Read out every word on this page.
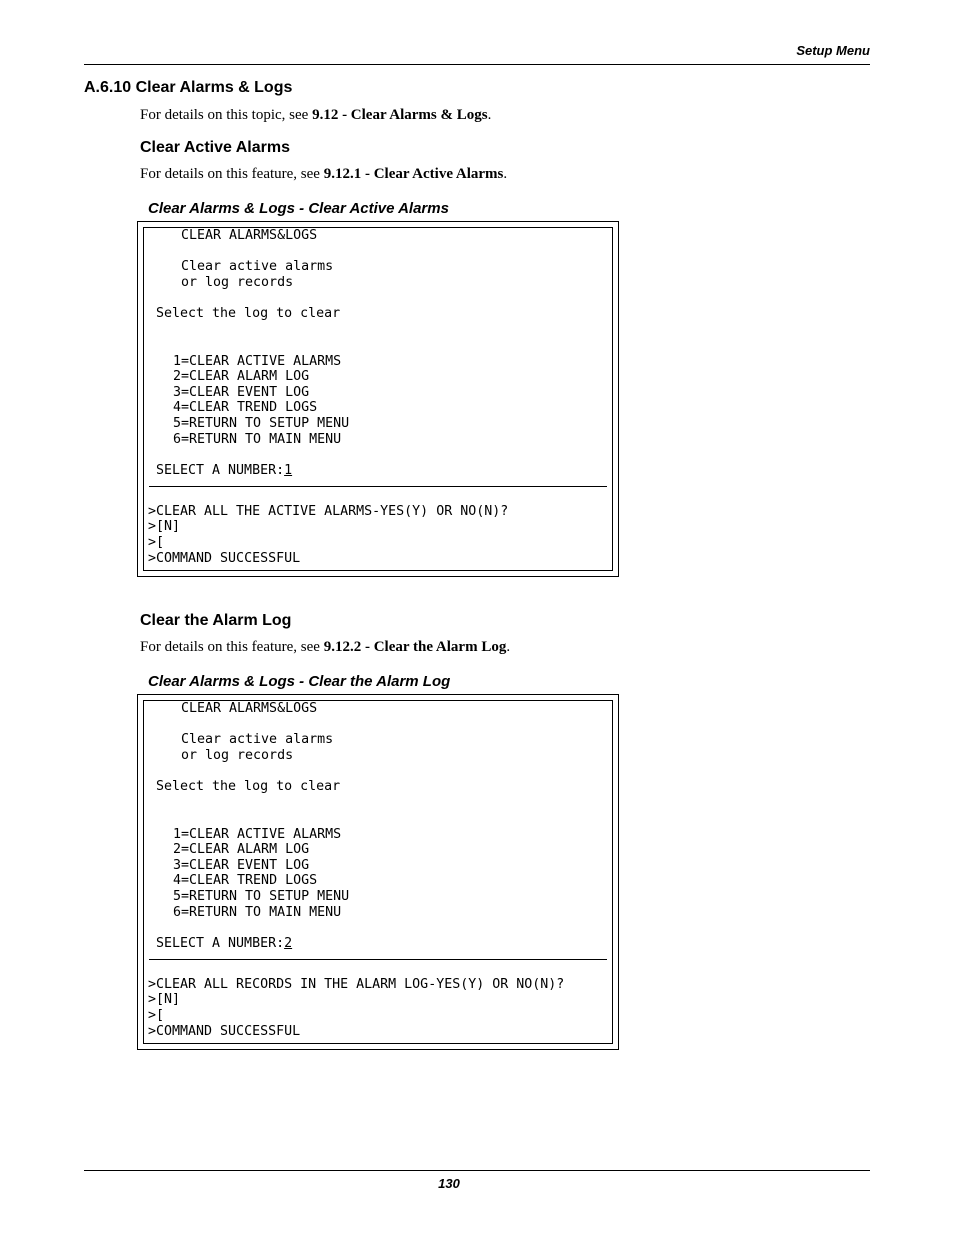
Setup Menu
A.6.10 Clear Alarms & Logs
For details on this topic, see 9.12 - Clear Alarms & Logs.
Clear Active Alarms
For details on this feature, see 9.12.1 - Clear Active Alarms.
Clear Alarms & Logs - Clear Active Alarms
CLEAR ALARMS&LOGS
Clear active alarms
or log records
Select the log to clear
1=CLEAR ACTIVE ALARMS
2=CLEAR ALARM LOG
3=CLEAR EVENT LOG
4=CLEAR TREND LOGS
5=RETURN TO SETUP MENU
6=RETURN TO MAIN MENU
SELECT A NUMBER:1
>CLEAR ALL THE ACTIVE ALARMS-YES(Y) OR NO(N)?
>[N]
>[
>COMMAND SUCCESSFUL
Clear the Alarm Log
For details on this feature, see 9.12.2 - Clear the Alarm Log.
Clear Alarms & Logs - Clear the Alarm Log
CLEAR ALARMS&LOGS
Clear active alarms
or log records
Select the log to clear
1=CLEAR ACTIVE ALARMS
2=CLEAR ALARM LOG
3=CLEAR EVENT LOG
4=CLEAR TREND LOGS
5=RETURN TO SETUP MENU
6=RETURN TO MAIN MENU
SELECT A NUMBER:2
>CLEAR ALL RECORDS IN THE ALARM LOG-YES(Y) OR NO(N)?
>[N]
>[
>COMMAND SUCCESSFUL
130
